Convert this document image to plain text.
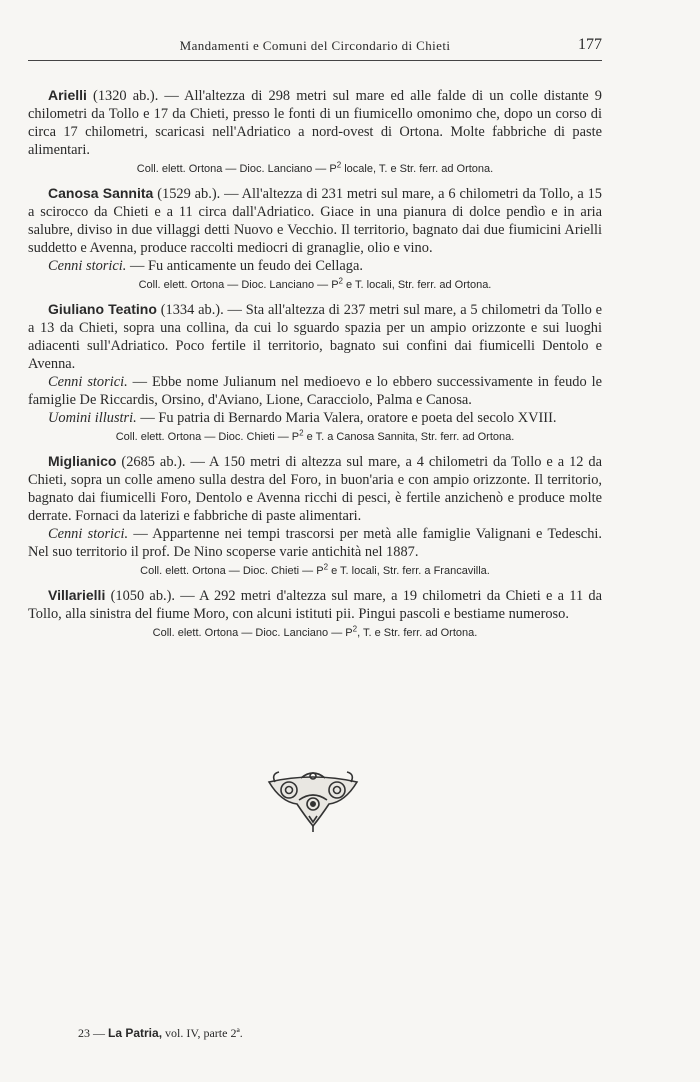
Mandamenti e Comuni del Circondario di Chieti	177

Arielli (1320 ab.). — All'altezza di 298 metri sul mare ed alle falde di un colle distante 9 chilometri da Tollo e 17 da Chieti, presso le fonti di un fiumicello omonimo che, dopo un corso di circa 17 chilometri, scaricasi nell'Adriatico a nord-ovest di Ortona. Molte fabbriche di paste alimentari.

Coll. elett. Ortona — Dioc. Lanciano — $P^2$ locale, T. e Str. ferr. ad Ortona.

Canosa Sannita (1529 ab.). — All'altezza di 231 metri sul mare, a 6 chilometri da Tollo, a 15 a scirocco da Chieti e a 11 circa dall'Adriatico. Giace in una pianura di dolce pendìo e in aria salubre, diviso in due villaggi detti Nuovo e Vecchio. Il territorio, bagnato dai due fiumicini Arielli suddetto e Avenna, produce raccolti mediocri di granaglie, olio e vino.

Cenni storici. — Fu anticamente un feudo dei Cellaga.

Coll. elett. Ortona — Dioc. Lanciano — $P^2$ e T. locali, Str. ferr. ad Ortona.

Giuliano Teatino (1334 ab.). — Sta all'altezza di 237 metri sul mare, a 5 chilometri da Tollo e a 13 da Chieti, sopra una collina, da cui lo sguardo spazia per un ampio orizzonte e sui luoghi adiacenti sull'Adriatico. Poco fertile il territorio, bagnato sui confini dai fiumicelli Dentolo e Avenna.

Cenni storici. — Ebbe nome Julianum nel medioevo e lo ebbero successivamente in feudo le famiglie De Riccardis, Orsino, d'Aviano, Lione, Caracciolo, Palma e Canosa.

Uomini illustri. — Fu patria di Bernardo Maria Valera, oratore e poeta del secolo XVIII.

Coll. elett. Ortona — Dioc. Chieti — $P^2$ e T. a Canosa Sannita, Str. ferr. ad Ortona.

Miglianico (2685 ab.). — A 150 metri di altezza sul mare, a 4 chilometri da Tollo e a 12 da Chieti, sopra un colle ameno sulla destra del Foro, in buon'aria e con ampio orizzonte. Il territorio, bagnato dai fiumicelli Foro, Dentolo e Avenna ricchi di pesci, è fertile anzichenò e produce molte derrate. Fornaci da laterizi e fabbriche di paste alimentari.

Cenni storici. — Appartenne nei tempi trascorsi per metà alle famiglie Valignani e Tedeschi. Nel suo territorio il prof. De Nino scoperse varie antichità nel 1887.

Coll. elett. Ortona — Dioc. Chieti — $P^2$ e T. locali, Str. ferr. a Francavilla.

Villarielli (1050 ab.). — A 292 metri d'altezza sul mare, a 19 chilometri da Chieti e a 11 da Tollo, alla sinistra del fiume Moro, con alcuni istituti pii. Pingui pascoli e bestiame numeroso.

Coll. elett. Ortona — Dioc. Lanciano — $P^2$, T. e Str. ferr. ad Ortona.

23 — La Patria, vol. IV, parte 2ª.
